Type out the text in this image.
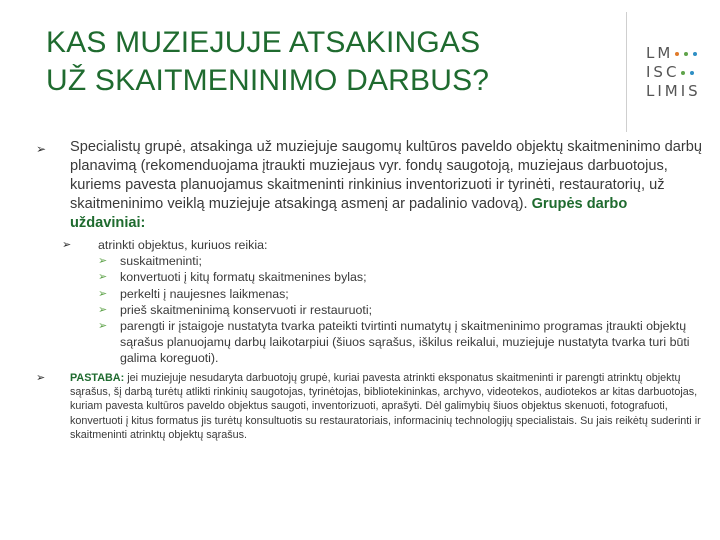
KAS MUZIEJUJE ATSAKINGAS
UŽ SKAITMENINIMO DARBUS?
LM
ISC
LIMIS
➢	Specialistų grupė, atsakinga už muziejuje saugomų kultūros paveldo objektų skaitmeninimo darbų planavimą (rekomenduojama įtraukti muziejaus vyr. fondų saugotoją, muziejaus darbuotojus, kuriems pavesta planuojamus skaitmeninti rinkinius inventorizuoti ir tyrinėti, restauratorių, už skaitmeninimo veiklą muziejuje atsakingą asmenį ar padalinio vadovą). Grupės darbo uždaviniai:
➢	atrinkti objektus, kuriuos reikia:
➢	suskaitmeninti;
➢	konvertuoti į kitų formatų skaitmenines bylas;
➢	perkelti į naujesnes laikmenas;
➢	prieš skaitmeninimą konservuoti ir restauruoti;
➢	parengti ir įstaigoje nustatyta tvarka pateikti tvirtinti numatytų į skaitmeninimo programas įtraukti objektų sąrašus planuojamų darbų laikotarpiui (šiuos sąrašus, iškilus reikalui, muziejuje nustatyta tvarka turi būti galima koreguoti).
➢	PASTABA: jei muziejuje nesudaryta darbuotojų grupė, kuriai pavesta atrinkti eksponatus skaitmeninti ir parengti atrinktų objektų sąrašus, šį darbą turėtų atlikti rinkinių saugotojas, tyrinėtojas, bibliotekininkas, archyvo, videotekos, audiotekos ar kitas darbuotojas, kuriam pavesta kultūros paveldo objektus saugoti, inventorizuoti, aprašyti. Dėl galimybių šiuos objektus skenuoti, fotografuoti, konvertuoti į kitus formatus jis turėtų konsultuotis su restauratoriais, informacinių technologijų specialistais. Su jais reikėtų suderinti ir skaitmeninti atrinktų objektų sąrašus.
